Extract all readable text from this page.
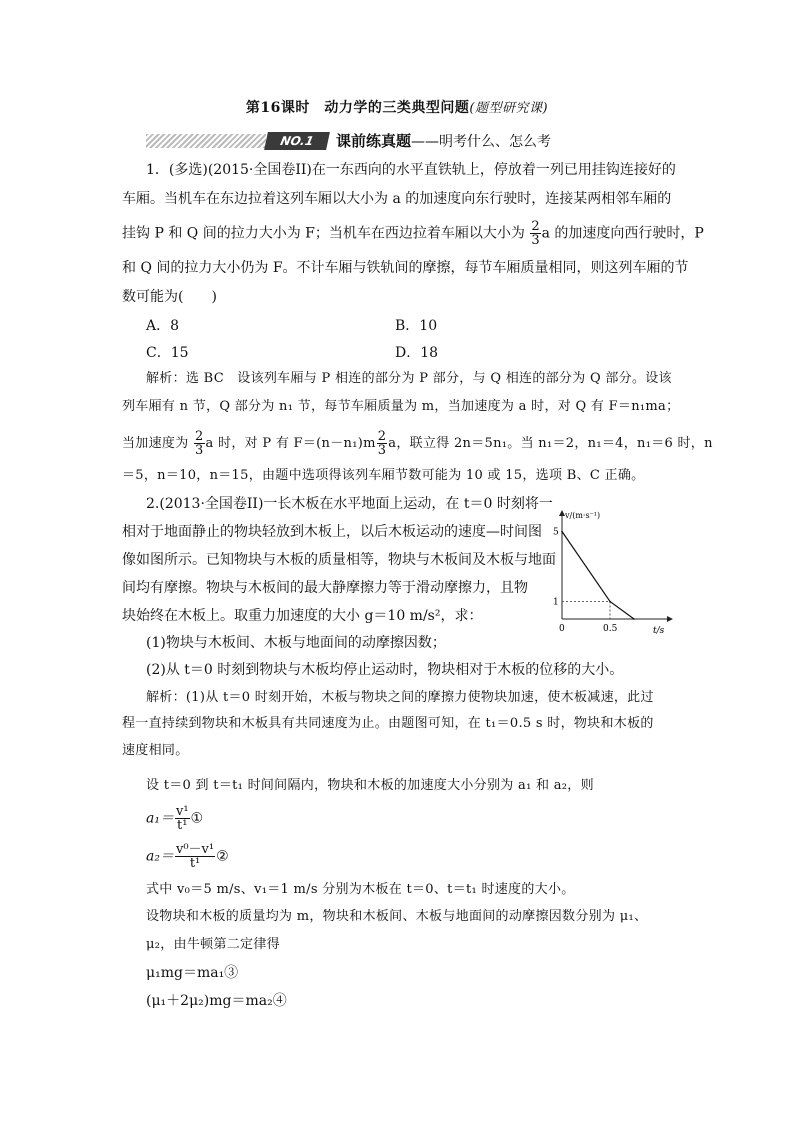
第16课时　动力学的三类典型问题(题型研究课)
NO.1	课前练真题——明考什么、怎么考
1．(多选)(2015·全国卷II)在一东西向的水平直铁轨上，停放着一列已用挂钩连接好的
车厢。当机车在东边拉着这列车厢以大小为 a 的加速度向东行驶时，连接某两相邻车厢的
挂钩 P 和 Q 间的拉力大小为 F；当机车在西边拉着车厢以大小为 $\frac{2}{3}$ a 的加速度向西行驶时，P
和 Q 间的拉力大小仍为 F。不计车厢与铁轨间的摩擦，每节车厢质量相同，则这列车厢的节
数可能为(　　)
A．8	B．10
C．15	D．18
解析：选 BC　设该列车厢与 P 相连的部分为 P 部分，与 Q 相连的部分为 Q 部分。设该
列车厢有 n 节，Q 部分为 n₁ 节，每节车厢质量为 m，当加速度为 a 时，对 Q 有 F＝n₁ma；
当加速度为 $\frac{2}{3}$ a 时，对 P 有 $F=(n-n_1)m \frac{2}{3}$ a，联立得 2n＝5n₁。当 n₁＝2，n₁＝4，n₁＝6 时，n
＝5，n＝10，n＝15，由题中选项得该列车厢节数可能为 10 或 15，选项 B、C 正确。
2.(2013·全国卷II)一长木板在水平地面上运动，在 t＝0 时刻将一
相对于地面静止的物块轻放到木板上，以后木板运动的速度—时间图
像如图所示。已知物块与木板的质量相等，物块与木板间及木板与地面
间均有摩擦。物块与木板间的最大静摩擦力等于滑动摩擦力，且物
块始终在木板上。取重力加速度的大小 g＝10 m/s²，求：
(1)物块与木板间、木板与地面间的动摩擦因数；
(2)从 t＝0 时刻到物块与木板均停止运动时，物块相对于木板的位移的大小。
v/(m·s⁻¹)
t/s
0	0.5
1
5
解析：(1)从 t＝0 时刻开始，木板与物块之间的摩擦力使物块加速，使木板减速，此过
程一直持续到物块和木板具有共同速度为止。由题图可知，在 t₁＝0.5 s 时，物块和木板的
速度相同。
设 t＝0 到 t＝t₁ 时间间隔内，物块和木板的加速度大小分别为 a₁ 和 a₂，则
$a_1= \frac{\text{v¹}}{\text{t¹}}$ ①
$a_2= \frac{\text{v⁰－v¹}}{\text{t¹}}$ ②
式中 v₀＝5 m/s、v₁＝1 m/s 分别为木板在 t＝0、t＝t₁ 时速度的大小。
设物块和木板的质量均为 m，物块和木板间、木板与地面间的动摩擦因数分别为 μ₁、
μ₂，由牛顿第二定律得
μ₁mg＝ma₁③
(μ₁＋2μ₂)mg＝ma₂④
